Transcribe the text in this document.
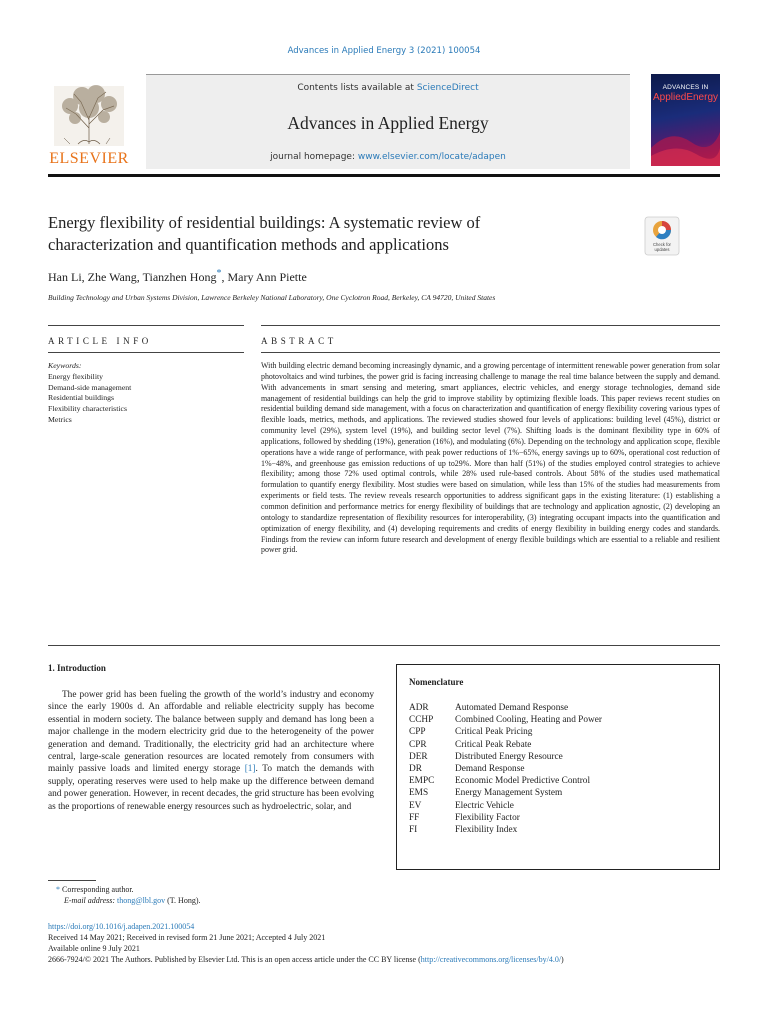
Advances in Applied Energy 3 (2021) 100054
ELSEVIER
Contents lists available at ScienceDirect
Advances in Applied Energy
journal homepage: www.elsevier.com/locate/adapen
ADVANCES IN
AppliedEnergy
Energy flexibility of residential buildings: A systematic review of
characterization and quantification methods and applications	Check for
updates
Han Li, Zhe Wang, Tianzhen Hong*, Mary Ann Piette
Building Technology and Urban Systems Division, Lawrence Berkeley National Laboratory, One Cyclotron Road, Berkeley, CA 94720, United States
ARTICLE INFO	ABSTRACT
Keywords:
Energy flexibility
Demand-side management
Residential buildings
Flexibility characteristics
Metrics
With building electric demand becoming increasingly dynamic, and a growing percentage of intermittent renewable power generation from solar photovoltaics and wind turbines, the power grid is facing increasing challenge to manage the real time balance between the supply and demand. With advancements in smart sensing and metering, smart appliances, electric vehicles, and energy storage technologies, demand side management of residential buildings can help the grid to improve stability by optimizing flexible loads. This paper reviews recent studies on residential building demand side management, with a focus on characterization and quantification of energy flexibility covering various types of flexible loads, metrics, methods, and applications. The reviewed studies showed four levels of applications: building level (45%), district or community level (29%), system level (19%), and building sector level (7%). Shifting loads is the dominant flexibility type in 60% of applications, followed by shedding (19%), generation (16%), and modulating (6%). Depending on the technology and application scope, flexible operations have a wide range of performance, with peak power reductions of 1%−65%, energy savings up to 60%, operational cost reduction of 1%−48%, and greenhouse gas emission reductions of up to29%. More than half (51%) of the studies employed control strategies to achieve flexibility; among those 72% used optimal controls, while 28% used rule-based controls. About 58% of the studies used mathematical formulation to quantify energy flexibility. Most studies were based on simulation, while less than 15% of the studies had measurements from experiments or field tests. The review reveals research opportunities to address significant gaps in the existing literature: (1) establishing a common definition and performance metrics for energy flexibility of buildings that are technology and application agnostic, (2) developing an ontology to standardize representation of flexibility resources for interoperability, (3) integrating occupant impacts into the quantification and optimization of energy flexibility, and (4) developing requirements and credits of energy flexibility in building energy codes and standards. Findings from the review can inform future research and development of energy flexible buildings which are essential to a reliable and resilient power grid.
1. Introduction
The power grid has been fueling the growth of the world’s industry and economy since the early 1900s d. An affordable and reliable electricity supply has become essential in modern society. The balance between supply and demand has long been a major challenge in the modern electricity grid due to the heterogeneity of the power generation and demand. Traditionally, the electricity grid had an architecture where central, large-scale generation resources are located remotely from consumers with mainly passive loads and limited energy storage [1]. To match the demands with supply, operating reserves were used to help make up the difference between demand and power generation. However, in recent decades, the grid structure has been evolving as the proportions of renewable energy resources such as hydroelectric, solar, and
Nomenclature
ADR	Automated Demand Response
CCHP	Combined Cooling, Heating and Power
CPP	Critical Peak Pricing
CPR	Critical Peak Rebate
DER	Distributed Energy Resource
DR	Demand Response
EMPC	Economic Model Predictive Control
EMS	Energy Management System
EV	Electric Vehicle
FF	Flexibility Factor
FI	Flexibility Index
* Corresponding author.
E-mail address: thong@lbl.gov (T. Hong).
https://doi.org/10.1016/j.adapen.2021.100054
Received 14 May 2021; Received in revised form 21 June 2021; Accepted 4 July 2021
Available online 9 July 2021
2666-7924/© 2021 The Authors. Published by Elsevier Ltd. This is an open access article under the CC BY license (http://creativecommons.org/licenses/by/4.0/)
